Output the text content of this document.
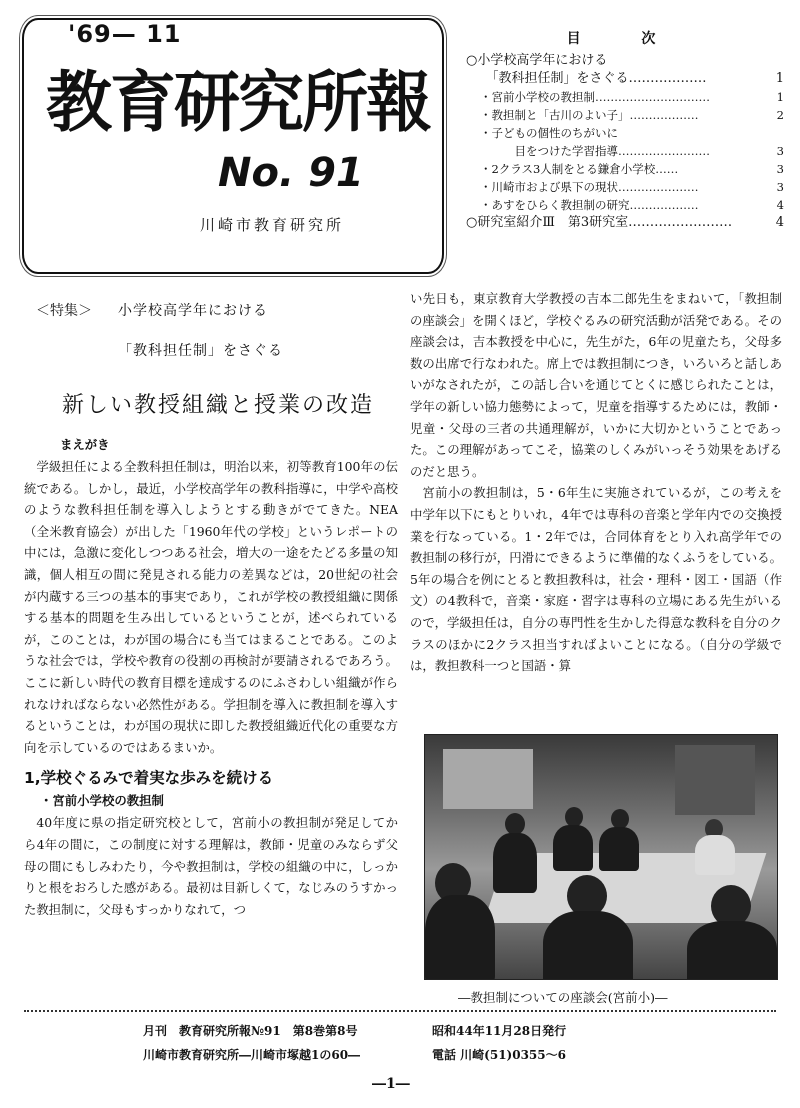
'69— 11
教育研究所報
No. 91
川崎市教育研究所
目 次
○小学校高学年における
　　「教科担任制」をさぐる………………	1
・宮前小学校の教担制…………………………	1
・教担制と「古川のよい子」………………	2
・子どもの個性のちがいに
　　　目をつけた学習指導……………………	3
・2クラス3人制をとる鎌倉小学校……	3
・川崎市および県下の現状…………………	3
・あすをひらく教担制の研究………………	4
○研究室紹介Ⅲ　第3研究室……………………	4
＜特集＞ 小学校高学年における
「教科担任制」をさぐる
新しい教授組織と授業の改造
まえがき

学級担任による全教科担任制は，明治以来，初等教育100年の伝統である。しかし，最近，小学校高学年の教科指導に，中学や高校のような教科担任制を導入しようとする動きがでてきた。NEA（全米教育協会）が出した「1960年代の学校」というレポートの中には，急激に変化しつつある社会，増大の一途をたどる多量の知識，個人相互の間に発見される能力の差異などは，20世紀の社会が内蔵する三つの基本的事実であり，これが学校の教授組織に関係する基本的問題を生み出しているということが，述べられているが，このことは，わが国の場合にも当てはまることである。このような社会では，学校や教育の役割の再検討が要請されるであろう。ここに新しい時代の教育目標を達成するのにふさわしい組織が作られなければならない必然性がある。学担制を導入に教担制を導入するということは，わが国の現状に即した教授組織近代化の重要な方向を示しているのではあるまいか。

1,学校ぐるみで着実な歩みを続ける
・宮前小学校の教担制

40年度に県の指定研究校として，宮前小の教担制が発足してから4年の間に，この制度に対する理解は，教師・児童のみならず父母の間にもしみわたり，今や教担制は，学校の組織の中に，しっかりと根をおろした感がある。最初は目新しくて，なじみのうすかった教担制に，父母もすっかりなれて，つ

い先日も，東京教育大学教授の吉本二郎先生をまねいて，「教担制の座談会」を開くほど，学校ぐるみの研究活動が活発である。その座談会は，吉本教授を中心に，先生がた，6年の児童たち，父母多数の出席で行なわれた。席上では教担制につき，いろいろと話しあいがなされたが，この話し合いを通じてとくに感じられたことは，学年の新しい協力態勢によって，児童を指導するためには，教師・児童・父母の三者の共通理解が，いかに大切かということであった。この理解があってこそ，協業のしくみがいっそう効果をあげるのだと思う。

宮前小の教担制は，5・6年生に実施されているが，この考えを中学年以下にもとりいれ，4年では専科の音楽と学年内での交換授業を行なっている。1・2年では，合同体育をとり入れ高学年での教担制の移行が，円滑にできるように準備的なくふうをしている。5年の場合を例にとると教担教科は，社会・理科・図工・国語（作文）の4教科で，音楽・家庭・習字は専科の立場にある先生がいるので，学級担任は，自分の専門性を生かした得意な教科を自分のクラスのほかに2クラス担当すればよいことになる。（自分の学級では，教担教科一つと国語・算

―教担制についての座談会(宮前小)―
月刊　教育研究所報№91　第8巻第8号	昭和44年11月28日発行
川崎市教育研究所―川崎市塚越1の60―	電話 川崎(51)0355～6
―1―
